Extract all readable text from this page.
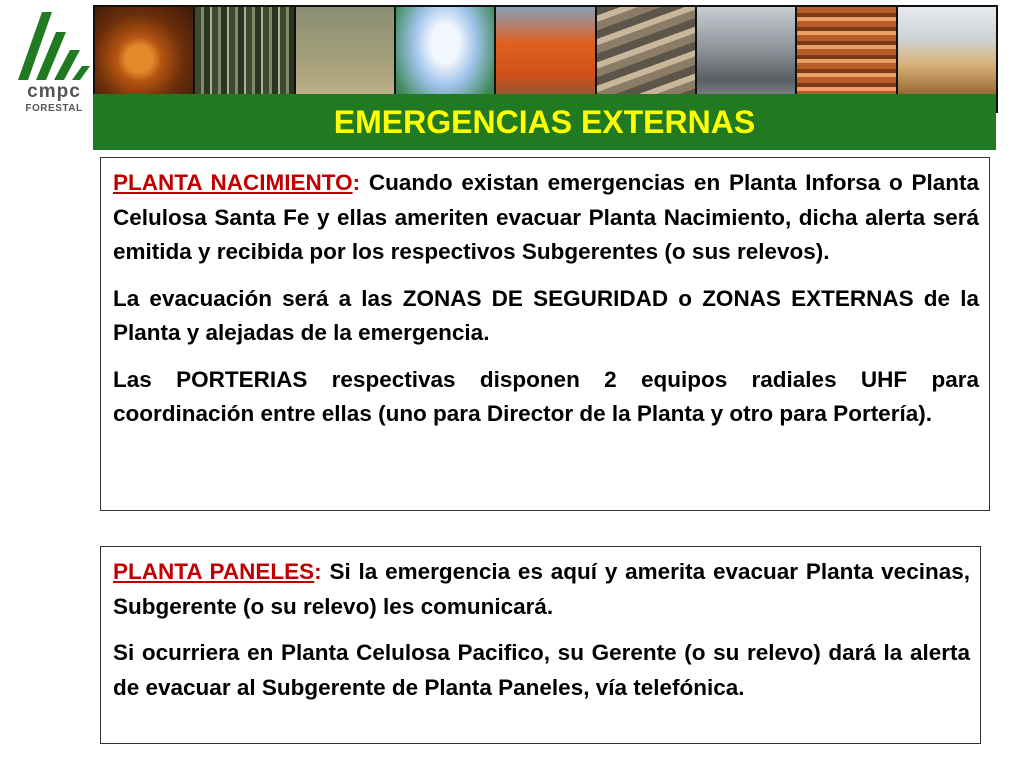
cmpc
FORESTAL	EMERGENCIAS EXTERNAS

PLANTA NACIMIENTO: Cuando existan emergencias en Planta Inforsa o Planta Celulosa Santa Fe y ellas ameriten evacuar Planta Nacimiento, dicha alerta será emitida y recibida por los respectivos Subgerentes (o sus relevos).

La evacuación será a las ZONAS DE SEGURIDAD o ZONAS EXTERNAS de la Planta y alejadas de la emergencia.

Las PORTERIAS respectivas disponen 2 equipos radiales UHF para coordinación entre ellas (uno para Director de la Planta y otro para Portería).

PLANTA PANELES: Si la emergencia es aquí y amerita evacuar Planta vecinas, Subgerente (o su relevo) les comunicará.

Si ocurriera en Planta Celulosa Pacifico, su Gerente (o su relevo) dará la alerta de evacuar al Subgerente de Planta Paneles, vía telefónica.
